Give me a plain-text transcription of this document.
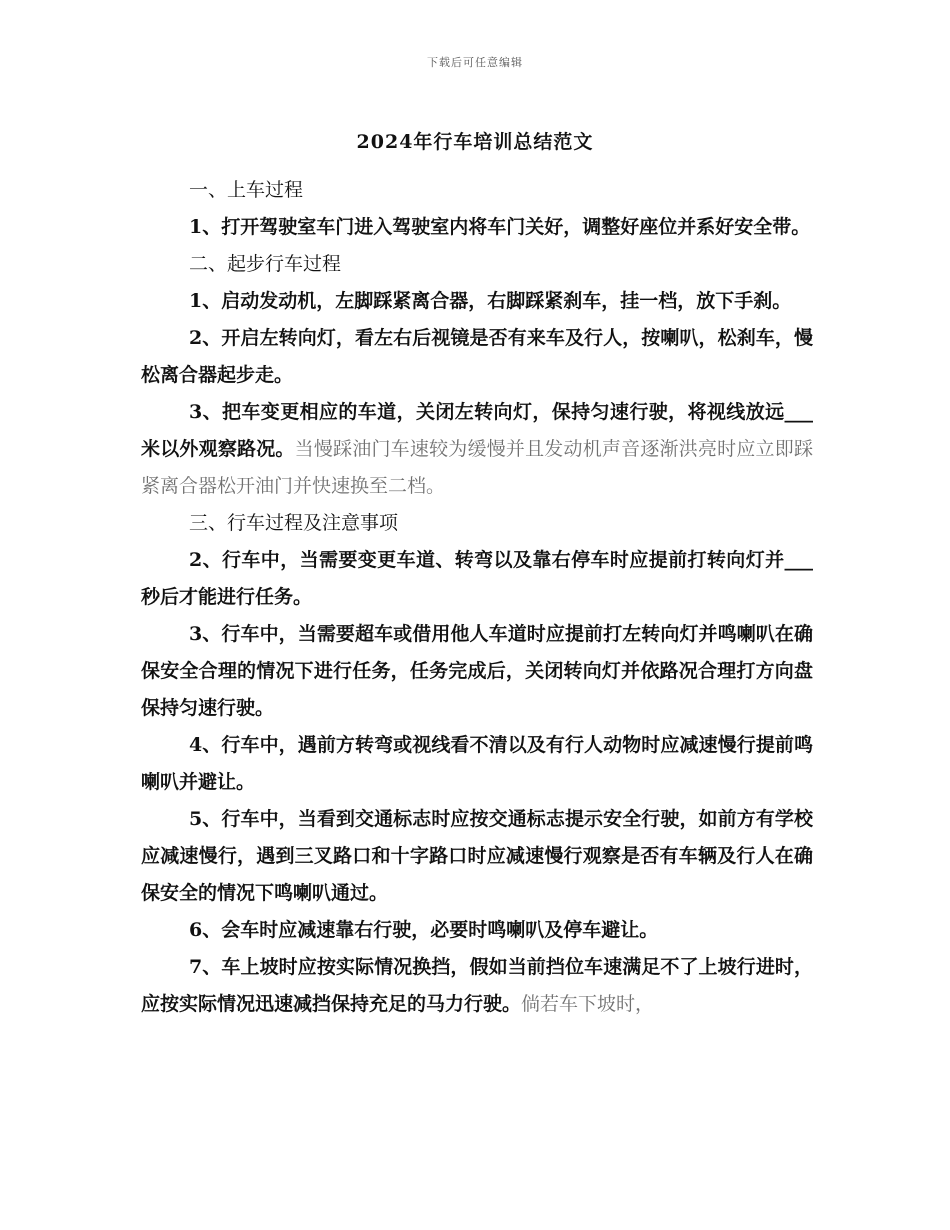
下载后可任意编辑
2024年行车培训总结范文

一、上车过程

1、打开驾驶室车门进入驾驶室内将车门关好，调整好座位并系好安全带。

二、起步行车过程

1、启动发动机，左脚踩紧离合器，右脚踩紧刹车，挂一档，放下手刹。

2、开启左转向灯，看左右后视镜是否有来车及行人，按喇叭，松刹车，慢松离合器起步走。

3、把车变更相应的车道，关闭左转向灯，保持匀速行驶，将视线放远___米以外观察路况。当慢踩油门车速较为缓慢并且发动机声音逐渐洪亮时应立即踩紧离合器松开油门并快速换至二档。

三、行车过程及注意事项

2、行车中，当需要变更车道、转弯以及靠右停车时应提前打转向灯并___秒后才能进行任务。

3、行车中，当需要超车或借用他人车道时应提前打左转向灯并鸣喇叭在确保安全合理的情况下进行任务，任务完成后，关闭转向灯并依路况合理打方向盘保持匀速行驶。

4、行车中，遇前方转弯或视线看不清以及有行人动物时应减速慢行提前鸣喇叭并避让。

5、行车中，当看到交通标志时应按交通标志提示安全行驶，如前方有学校应减速慢行，遇到三叉路口和十字路口时应减速慢行观察是否有车辆及行人在确保安全的情况下鸣喇叭通过。

6、会车时应减速靠右行驶，必要时鸣喇叭及停车避让。

7、车上坡时应按实际情况换挡，假如当前挡位车速满足不了上坡行进时，应按实际情况迅速减挡保持充足的马力行驶。倘若车下坡时，
